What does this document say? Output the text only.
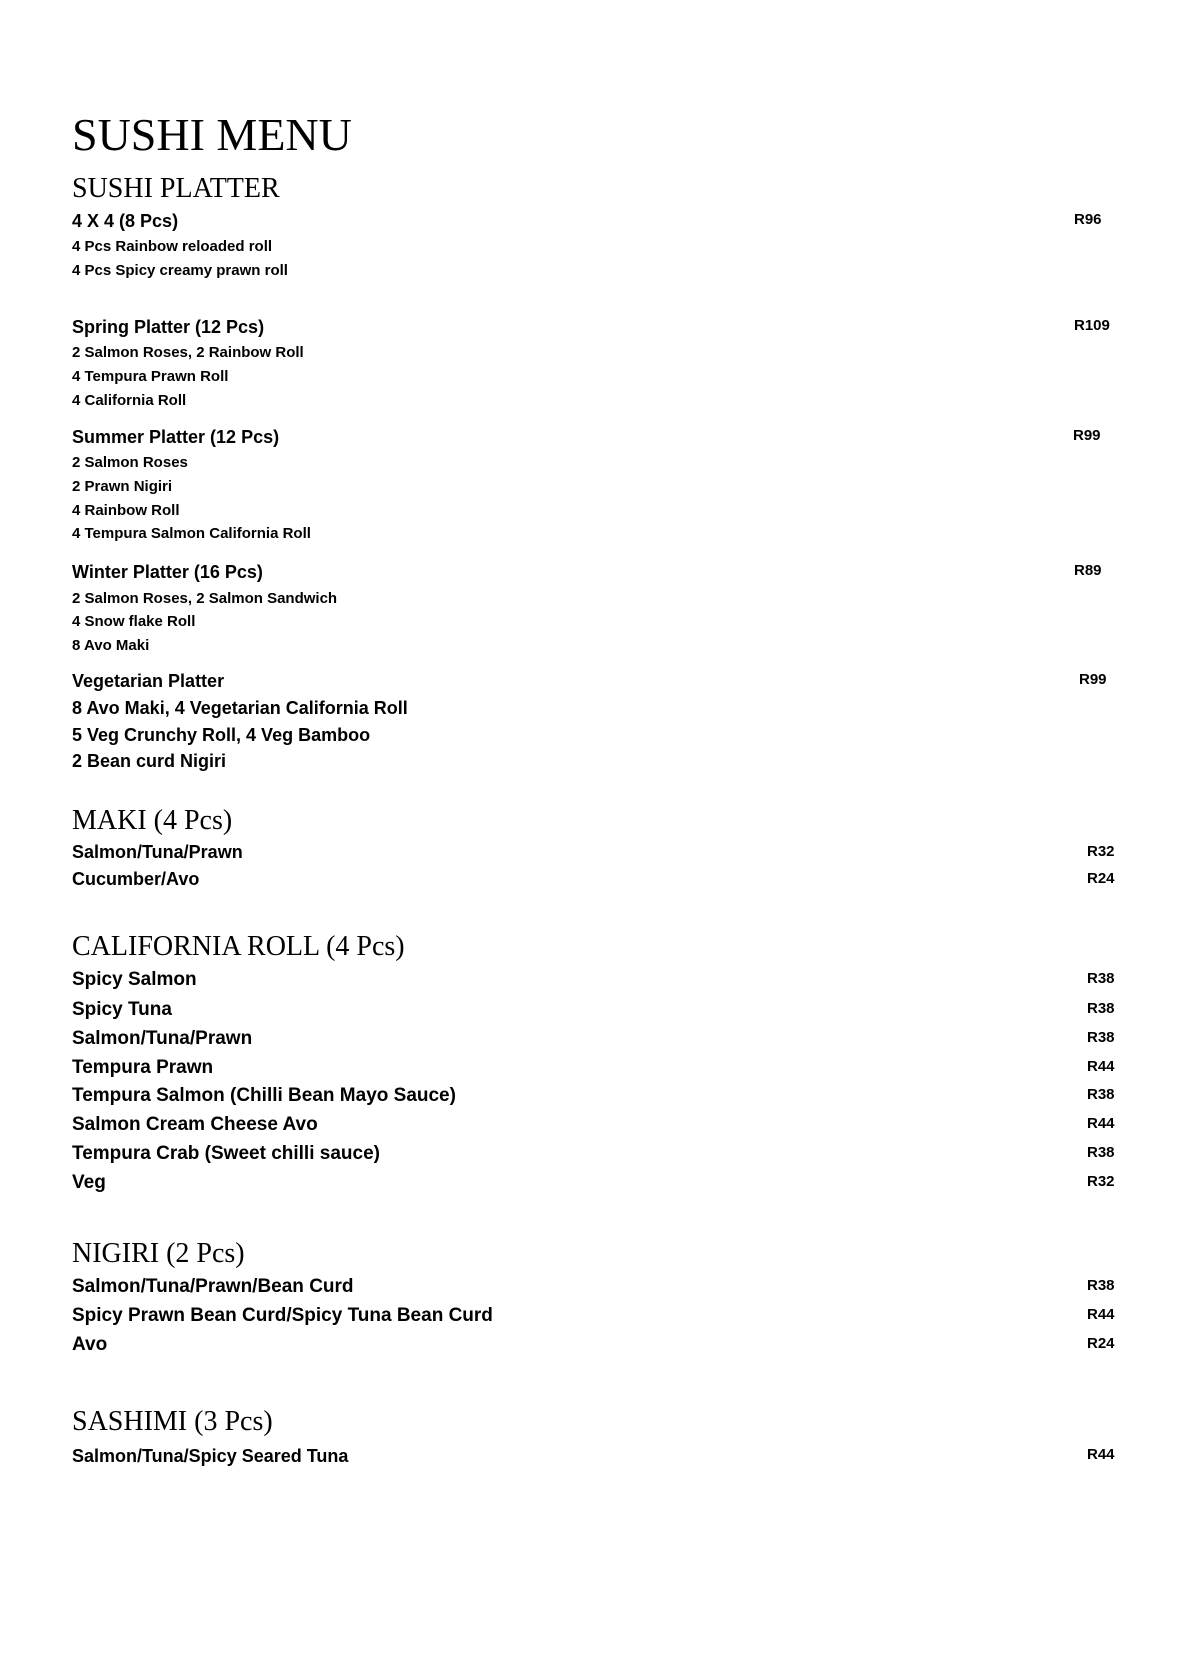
SUSHI MENU
SUSHI PLATTER
4 X 4 (8 Pcs)	R96
4 Pcs Rainbow reloaded roll
4 Pcs Spicy creamy prawn roll
Spring Platter (12 Pcs)	R109
2 Salmon Roses, 2 Rainbow Roll
4 Tempura Prawn Roll
4 California Roll
Summer Platter (12 Pcs)	R99
2 Salmon Roses
2 Prawn Nigiri
4 Rainbow Roll
4 Tempura Salmon California Roll
Winter Platter (16 Pcs)	R89
2 Salmon Roses, 2 Salmon Sandwich
4 Snow flake Roll
8 Avo Maki
Vegetarian Platter	R99
8 Avo Maki, 4 Vegetarian California Roll
5 Veg Crunchy Roll, 4 Veg Bamboo
2 Bean curd Nigiri
MAKI (4 Pcs)
Salmon/Tuna/Prawn	R32
Cucumber/Avo	R24
CALIFORNIA ROLL (4 Pcs)
Spicy Salmon	R38
Spicy Tuna	R38
Salmon/Tuna/Prawn	R38
Tempura Prawn	R44
Tempura Salmon (Chilli Bean Mayo Sauce)	R38
Salmon Cream Cheese Avo	R44
Tempura Crab (Sweet chilli sauce)	R38
Veg	R32
NIGIRI (2 Pcs)
Salmon/Tuna/Prawn/Bean Curd	R38
Spicy Prawn Bean Curd/Spicy Tuna Bean Curd	R44
Avo	R24
SASHIMI (3 Pcs)
Salmon/Tuna/Spicy Seared Tuna	R44
